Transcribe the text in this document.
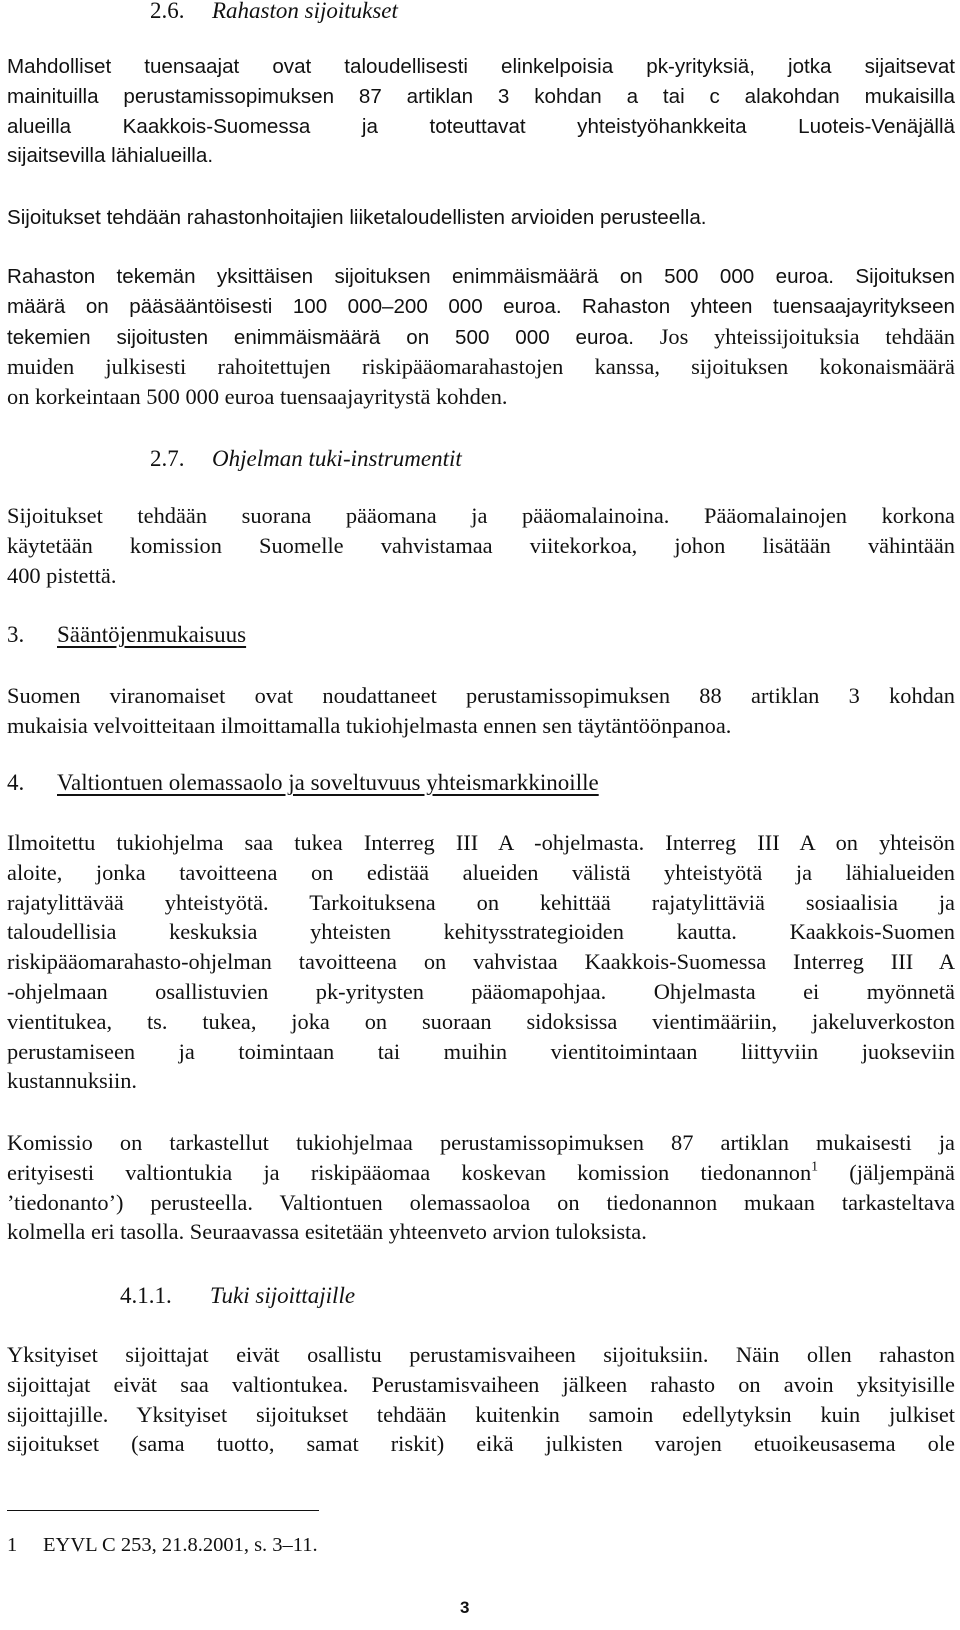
2.6. Rahaston sijoitukset
Mahdolliset tuensaajat ovat taloudellisesti elinkelpoisia pk-yrityksiä, jotka sijaitsevat
mainituilla perustamissopimuksen 87 artiklan 3 kohdan a tai c alakohdan mukaisilla
alueilla Kaakkois-Suomessa ja toteuttavat yhteistyöhankkeita Luoteis-Venäjällä
sijaitsevilla lähialueilla.
Sijoitukset tehdään rahastonhoitajien liiketaloudellisten arvioiden perusteella.
Rahaston tekemän yksittäisen sijoituksen enimmäismäärä on 500 000 euroa. Sijoituksen
määrä on pääsääntöisesti 100 000–200 000 euroa. Rahaston yhteen tuensaajayritykseen
tekemien sijoitusten enimmäismäärä on 500 000 euroa. Jos yhteissijoituksia tehdään
muiden julkisesti rahoitettujen riskipääomarahastojen kanssa, sijoituksen kokonaismäärä
on korkeintaan 500 000 euroa tuensaajayritystä kohden.
2.7. Ohjelman tuki-instrumentit
Sijoitukset tehdään suorana pääomana ja pääomalainoina. Pääomalainojen korkona
käytetään komission Suomelle vahvistamaa viitekorkoa, johon lisätään vähintään
400 pistettä.
3. Sääntöjenmukaisuus
Suomen viranomaiset ovat noudattaneet perustamissopimuksen 88 artiklan 3 kohdan
mukaisia velvoitteitaan ilmoittamalla tukiohjelmasta ennen sen täytäntöönpanoa.
4. Valtiontuen olemassaolo ja soveltuvuus yhteismarkkinoille
Ilmoitettu tukiohjelma saa tukea Interreg III A -ohjelmasta. Interreg III A on yhteisön
aloite, jonka tavoitteena on edistää alueiden välistä yhteistyötä ja lähialueiden
rajatylittävää yhteistyötä. Tarkoituksena on kehittää rajatylittäviä sosiaalisia ja
taloudellisia keskuksia yhteisten kehitysstrategioiden kautta. Kaakkois-Suomen
riskipääomarahasto-ohjelman tavoitteena on vahvistaa Kaakkois-Suomessa Interreg III A
-ohjelmaan osallistuvien pk-yritysten pääomapohjaa. Ohjelmasta ei myönnetä
vientitukea, ts. tukea, joka on suoraan sidoksissa vientimääriin, jakeluverkoston
perustamiseen ja toimintaan tai muihin vientitoimintaan liittyviin juokseviin
kustannuksiin.
Komissio on tarkastellut tukiohjelmaa perustamissopimuksen 87 artiklan mukaisesti ja
erityisesti valtiontukia ja riskipääomaa koskevan komission tiedonannon$^1$ (jäljempänä
’tiedonanto’) perusteella. Valtiontuen olemassaoloa on tiedonannon mukaan tarkasteltava
kolmella eri tasolla. Seuraavassa esitetään yhteenveto arvion tuloksista.
4.1.1. Tuki sijoittajille
Yksityiset sijoittajat eivät osallistu perustamisvaiheen sijoituksiin. Näin ollen rahaston
sijoittajat eivät saa valtiontukea. Perustamisvaiheen jälkeen rahasto on avoin yksityisille
sijoittajille. Yksityiset sijoitukset tehdään kuitenkin samoin edellytyksin kuin julkiset
sijoitukset (sama tuotto, samat riskit) eikä julkisten varojen etuoikeusasema ole
1 EYVL C 253, 21.8.2001, s. 3–11.
3
